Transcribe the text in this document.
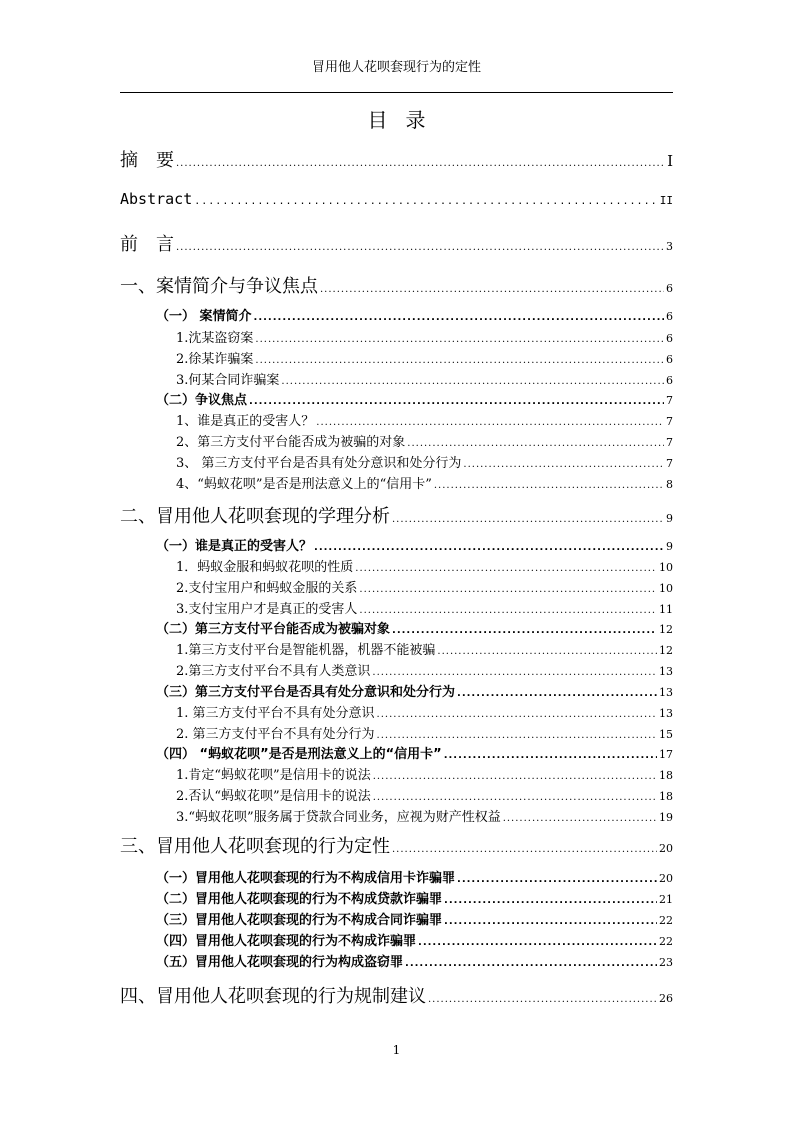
冒用他人花呗套现行为的定性
目录
摘　要 .....	I
Abstract .....	II
前　言 .....	3
一、案情简介与争议焦点 .....	6
（一） 案情简介 .....	6
1.沈某盗窃案 .....	6
2.徐某诈骗案 .....	6
3.何某合同诈骗案 .....	6
（二）争议焦点 .....	7
1、谁是真正的受害人？ .....	7
2、第三方支付平台能否成为被骗的对象 .....	7
3、 第三方支付平台是否具有处分意识和处分行为 .....	7
4、“蚂蚁花呗”是否是刑法意义上的“信用卡” .....	8
二、冒用他人花呗套现的学理分析 .....	9
（一）谁是真正的受害人？ .....	9
1．蚂蚁金服和蚂蚁花呗的性质 .....	10
2.支付宝用户和蚂蚁金服的关系 .....	10
3.支付宝用户才是真正的受害人 .....	11
（二）第三方支付平台能否成为被骗对象 .....	12
1.第三方支付平台是智能机器，机器不能被骗 .....	12
2.第三方支付平台不具有人类意识 .....	13
（三）第三方支付平台是否具有处分意识和处分行为 .....	13
1. 第三方支付平台不具有处分意识 .....	13
2. 第三方支付平台不具有处分行为 .....	15
（四） “蚂蚁花呗”是否是刑法意义上的“信用卡” .....	17
1.肯定“蚂蚁花呗”是信用卡的说法 .....	18
2.否认“蚂蚁花呗”是信用卡的说法 .....	18
3.“蚂蚁花呗”服务属于贷款合同业务，应视为财产性权益 .....	19
三、冒用他人花呗套现的行为定性 .....	20
（一）冒用他人花呗套现的行为不构成信用卡诈骗罪 .....	20
（二）冒用他人花呗套现的行为不构成贷款诈骗罪 .....	21
（三）冒用他人花呗套现的行为不构成合同诈骗罪 .....	22
（四）冒用他人花呗套现的行为不构成诈骗罪 .....	22
（五）冒用他人花呗套现的行为构成盗窃罪 .....	23
四、冒用他人花呗套现的行为规制建议 .....	26
1
